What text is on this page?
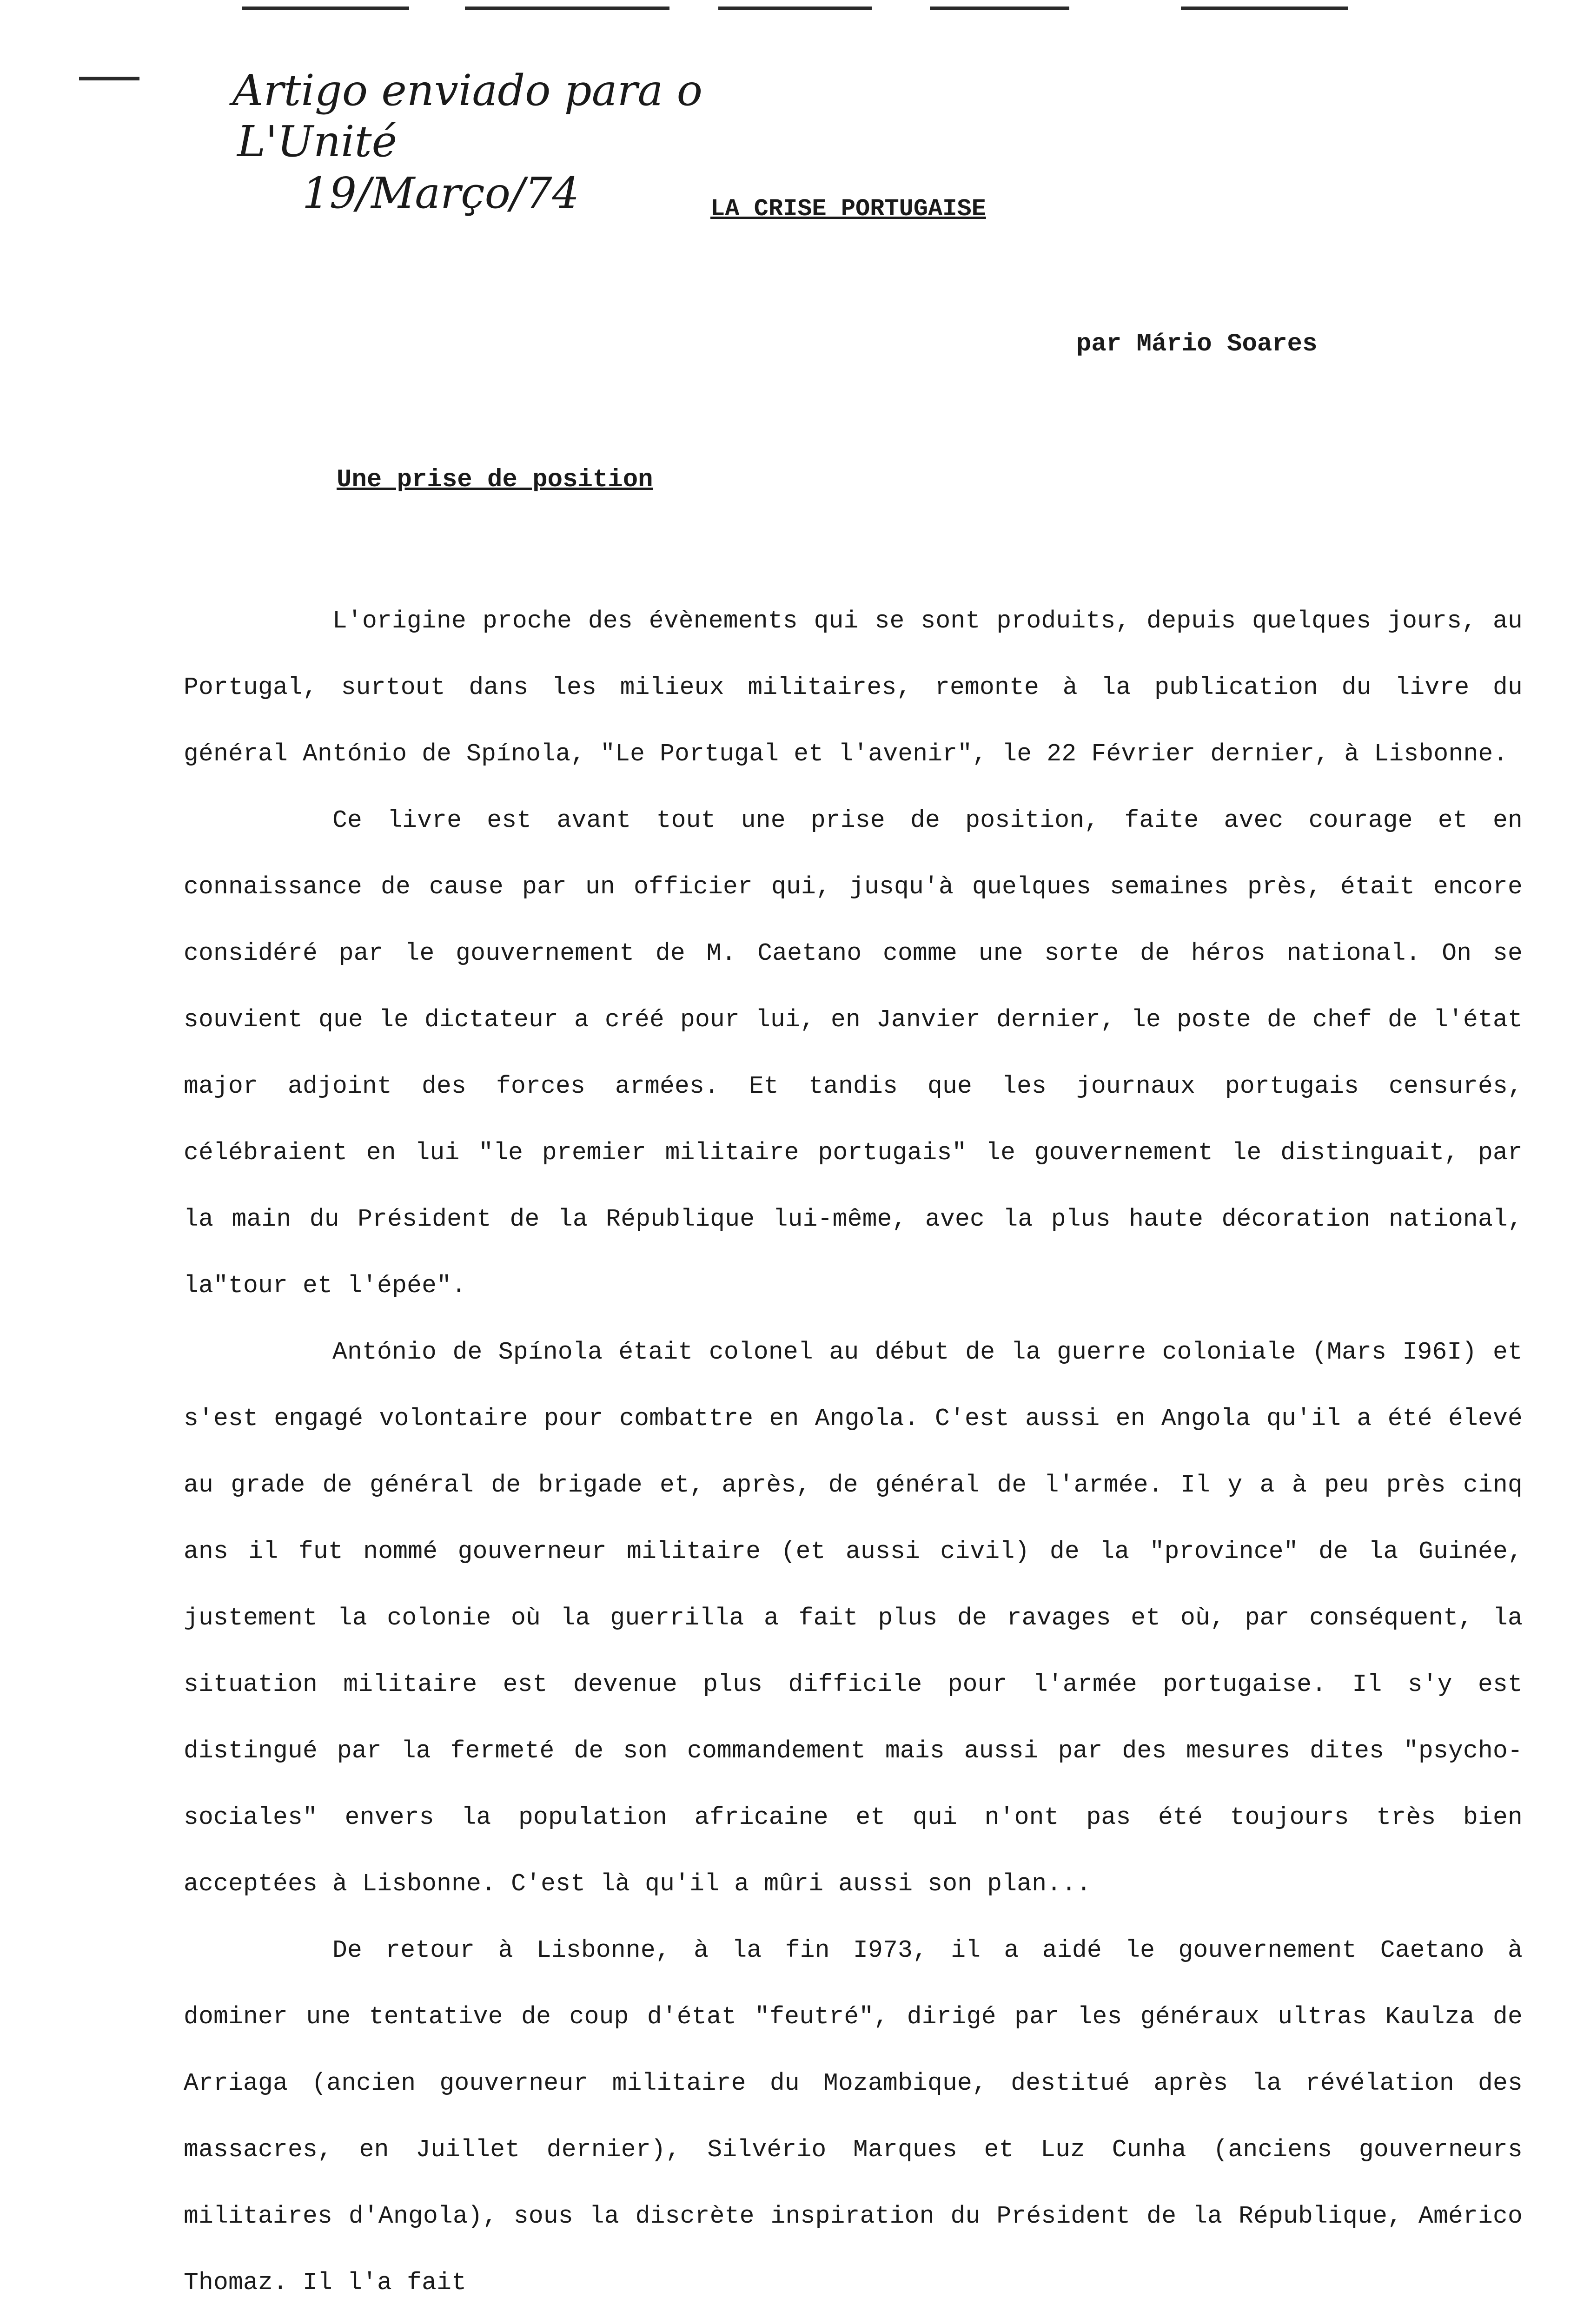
Artigo enviado para o
L'Unité
19/Março/74	LA CRISE PORTUGAISE
par Mário Soares
Une prise de position

L'origine proche des évènements qui se sont produits, depuis quelques jours, au Portugal, surtout dans les milieux militaires, remonte à la publication du livre du général António de Spínola, "Le Portugal et l'avenir", le 22 Février dernier, à Lisbonne.

Ce livre est avant tout une prise de position, faite avec courage et en connaissance de cause par un officier qui, jusqu'à quelques semaines près, était encore considéré par le gouvernement de M. Caetano comme une sorte de héros national. On se souvient que le dictateur a créé pour lui, en Janvier dernier, le poste de chef de l'état major adjoint des forces armées. Et tandis que les journaux portugais censurés, célébraient en lui "le premier militaire portugais" le gouvernement le distinguait, par la main du Président de la République lui-même, avec la plus haute décoration national, la"tour et l'épée".

António de Spínola était colonel au début de la guerre coloniale (Mars I96I) et s'est engagé volontaire pour combattre en Angola. C'est aussi en Angola qu'il a été élevé au grade de général de brigade et, après, de général de l'armée. Il y a à peu près cinq ans il fut nommé gouverneur militaire (et aussi civil) de la "province" de la Guinée, justement la colonie où la guerrilla a fait plus de ravages et où, par conséquent, la situation militaire est devenue plus difficile pour l'armée portugaise. Il s'y est distingué par la fermeté de son commandement mais aussi par des mesures dites "psycho-sociales" envers la population africaine et qui n'ont pas été toujours très bien acceptées à Lisbonne. C'est là qu'il a mûri aussi son plan...

De retour à Lisbonne, à la fin I973, il a aidé le gouvernement Caetano à dominer une tentative de coup d'état "feutré", dirigé par les généraux ultras Kaulza de Arriaga (ancien gouverneur militaire du Mozambique, destitué après la révélation des massacres, en Juillet dernier), Silvério Marques et Luz Cunha (anciens gouverneurs militaires d'Angola), sous la discrète inspiration du Président de la République, Américo Thomaz. Il l'a fait
